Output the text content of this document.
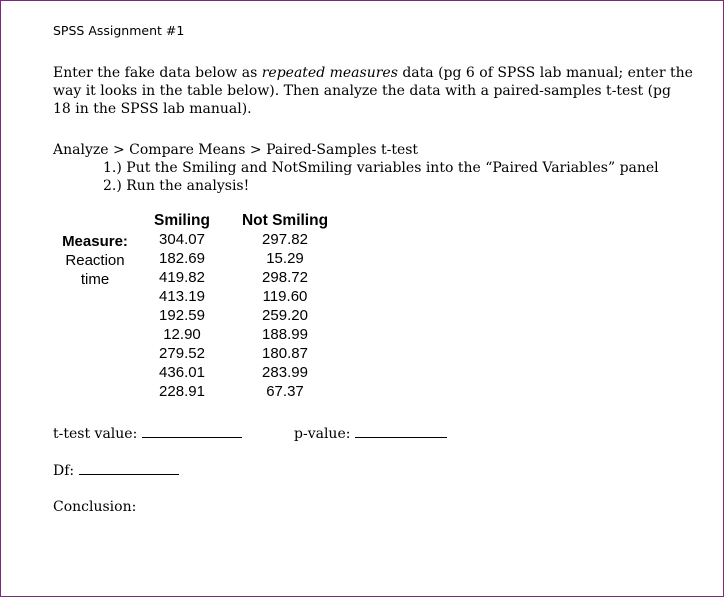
SPSS Assignment #1
Enter the fake data below as repeated measures data (pg 6 of SPSS lab manual; enter the way it looks in the table below). Then analyze the data with a paired-samples t-test (pg 18 in the SPSS lab manual).
Analyze > Compare Means > Paired-Samples t-test
1.) Put the Smiling and NotSmiling variables into the “Paired Variables” panel
2.) Run the analysis!
Measure:
Reaction
time
Smiling
304.07
182.69
419.82
413.19
192.59
12.90
279.52
436.01
228.91
Not Smiling
297.82
15.29
298.72
119.60
259.20
188.99
180.87
283.99
67.37
t-test value:	p-value:
Df:
Conclusion:
